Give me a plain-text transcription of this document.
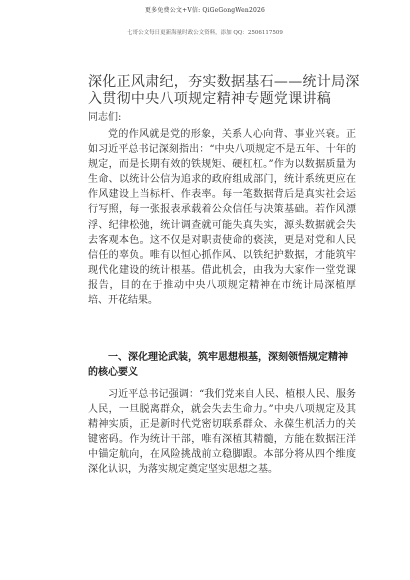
更多免费公文+V信: QiGeGongWen2026
七哥公文每日更新海量时政公文资料，添加 QQ：2506117509
深化正风肃纪，夯实数据基石——统计局深入贯彻中央八项规定精神专题党课讲稿
同志们:

党的作风就是党的形象，关系人心向背、事业兴衰。正如习近平总书记深刻指出：“中央八项规定不是五年、十年的规定，而是长期有效的铁规矩、硬杠杠。”作为以数据质量为生命、以统计公信为追求的政府组成部门，统计系统更应在作风建设上当标杆、作表率。每一笔数据背后是真实社会运行写照，每一张报表承载着公众信任与决策基础。若作风漂浮、纪律松弛，统计调查就可能失真失实，源头数据就会失去客观本色。这不仅是对职责使命的亵渎，更是对党和人民信任的辜负。唯有以恒心抓作风、以铁纪护数据，才能筑牢现代化建设的统计根基。借此机会，由我为大家作一堂党课报告，目的在于推动中央八项规定精神在市统计局深植厚培、开花结果。

一、深化理论武装，筑牢思想根基，深刻领悟规定精神的核心要义

习近平总书记强调：“我们党来自人民、植根人民、服务人民，一旦脱离群众，就会失去生命力。”中央八项规定及其精神实质，正是新时代党密切联系群众、永葆生机活力的关键密码。作为统计干部，唯有深植其精髓，方能在数据汪洋中锚定航向，在风险挑战前立稳脚跟。本部分将从四个维度深化认识，为落实规定奠定坚实思想之基。
